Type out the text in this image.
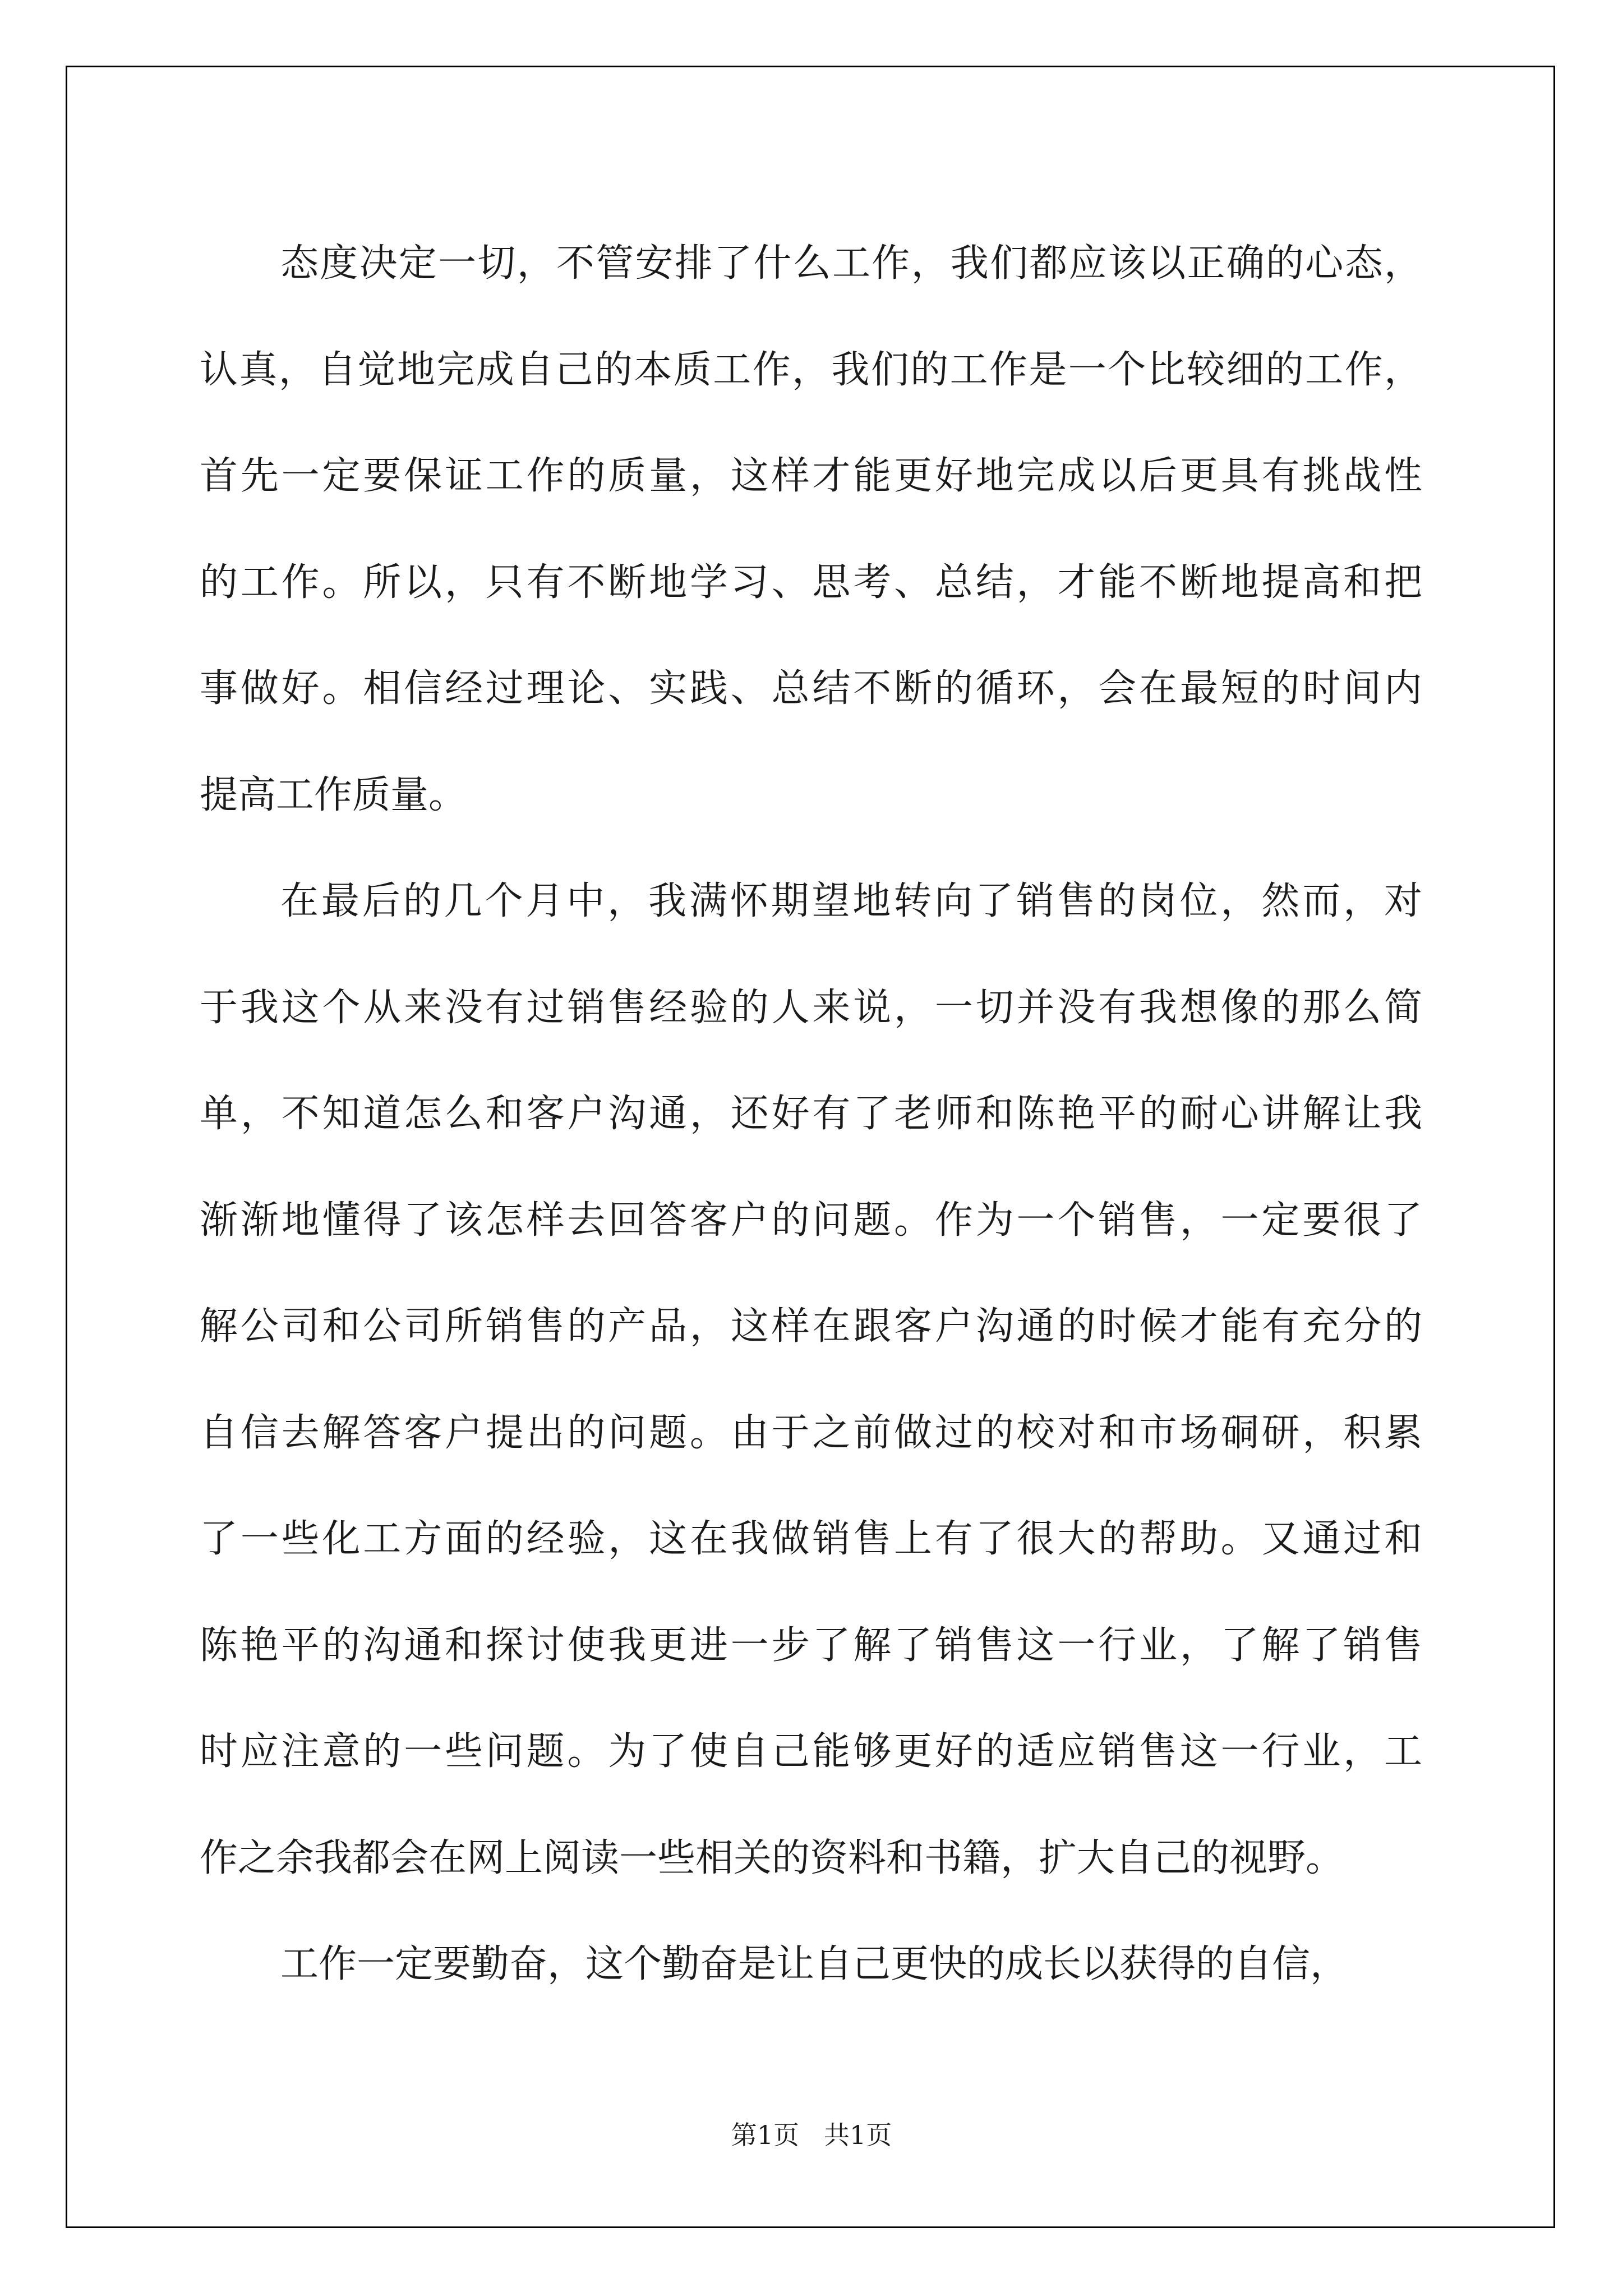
态度决定一切，不管安排了什么工作，我们都应该以正确的心态，
认真，自觉地完成自己的本质工作，我们的工作是一个比较细的工作，
首先一定要保证工作的质量，这样才能更好地完成以后更具有挑战性
的工作。所以，只有不断地学习、思考、总结，才能不断地提高和把
事做好。相信经过理论、实践、总结不断的循环，会在最短的时间内
提高工作质量。
在最后的几个月中，我满怀期望地转向了销售的岗位，然而，对
于我这个从来没有过销售经验的人来说，一切并没有我想像的那么简
单，不知道怎么和客户沟通，还好有了老师和陈艳平的耐心讲解让我
渐渐地懂得了该怎样去回答客户的问题。作为一个销售，一定要很了
解公司和公司所销售的产品，这样在跟客户沟通的时候才能有充分的
自信去解答客户提出的问题。由于之前做过的校对和市场硐研，积累
了一些化工方面的经验，这在我做销售上有了很大的帮助。又通过和
陈艳平的沟通和探讨使我更进一步了解了销售这一行业，了解了销售
时应注意的一些问题。为了使自己能够更好的适应销售这一行业，工
作之余我都会在网上阅读一些相关的资料和书籍，扩大自己的视野。
工作一定要勤奋，这个勤奋是让自己更快的成长以获得的自信，
第1页 共1页
